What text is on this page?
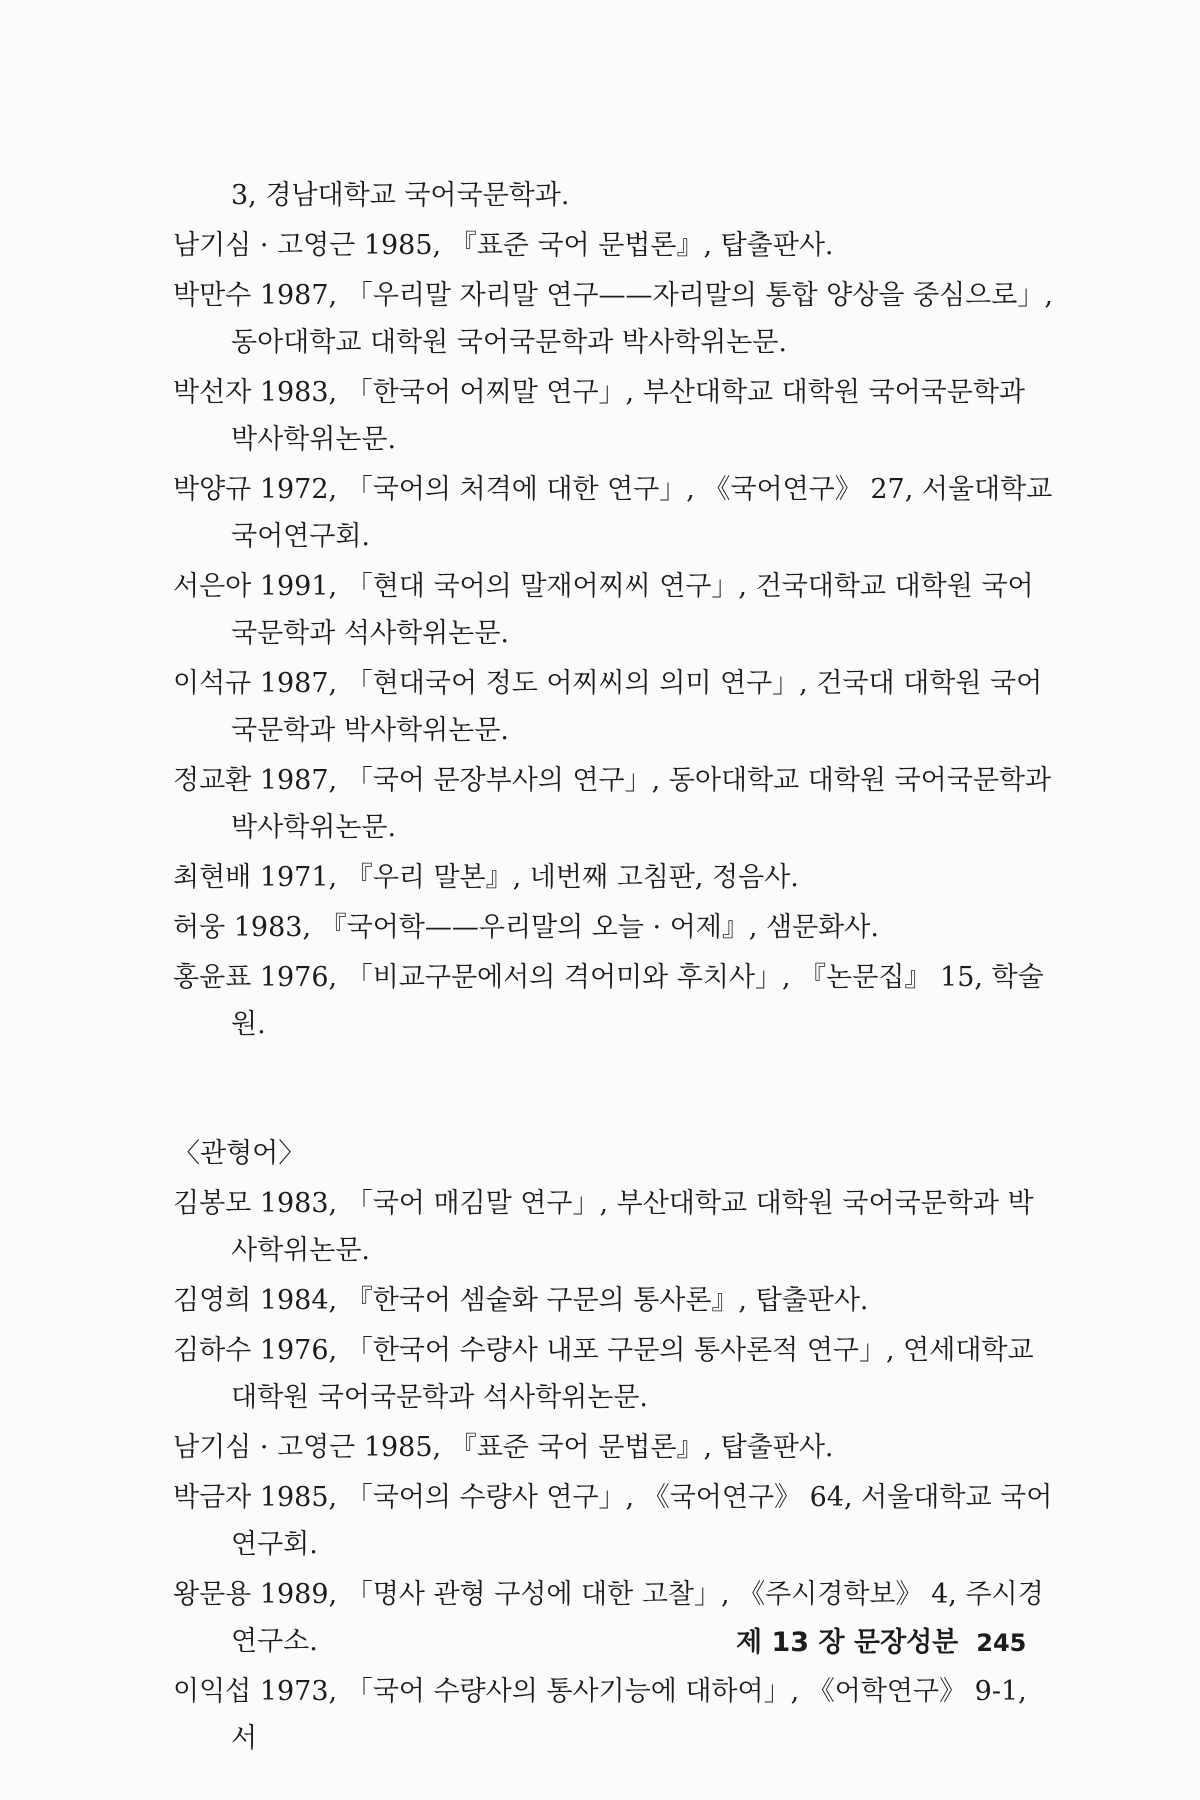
3, 경남대학교 국어국문학과.

남기심 · 고영근 1985, 『표준 국어 문법론』, 탑출판사.

박만수 1987, 「우리말 자리말 연구——자리말의 통합 양상을 중심으로」, 동아대학교 대학원 국어국문학과 박사학위논문.

박선자 1983, 「한국어 어찌말 연구」, 부산대학교 대학원 국어국문학과 박사학위논문.

박양규 1972, 「국어의 처격에 대한 연구」, 《국어연구》 27, 서울대학교 국어연구회.

서은아 1991, 「현대 국어의 말재어찌씨 연구」, 건국대학교 대학원 국어국문학과 석사학위논문.

이석규 1987, 「현대국어 정도 어찌씨의 의미 연구」, 건국대 대학원 국어국문학과 박사학위논문.

정교환 1987, 「국어 문장부사의 연구」, 동아대학교 대학원 국어국문학과 박사학위논문.

최현배 1971, 『우리 말본』, 네번째 고침판, 정음사.

허웅 1983, 『국어학——우리말의 오늘 · 어제』, 샘문화사.

홍윤표 1976, 「비교구문에서의 격어미와 후치사」, 『논문집』 15, 학술원.

〈관형어〉

김봉모 1983, 「국어 매김말 연구」, 부산대학교 대학원 국어국문학과 박사학위논문.

김영희 1984, 『한국어 셈숱화 구문의 통사론』, 탑출판사.

김하수 1976, 「한국어 수량사 내포 구문의 통사론적 연구」, 연세대학교 대학원 국어국문학과 석사학위논문.

남기심 · 고영근 1985, 『표준 국어 문법론』, 탑출판사.

박금자 1985, 「국어의 수량사 연구」, 《국어연구》 64, 서울대학교 국어연구회.

왕문용 1989, 「명사 관형 구성에 대한 고찰」, 《주시경학보》 4, 주시경연구소.

이익섭 1973, 「국어 수량사의 통사기능에 대하여」, 《어학연구》 9-1, 서

제 13 장 문장성분 245
